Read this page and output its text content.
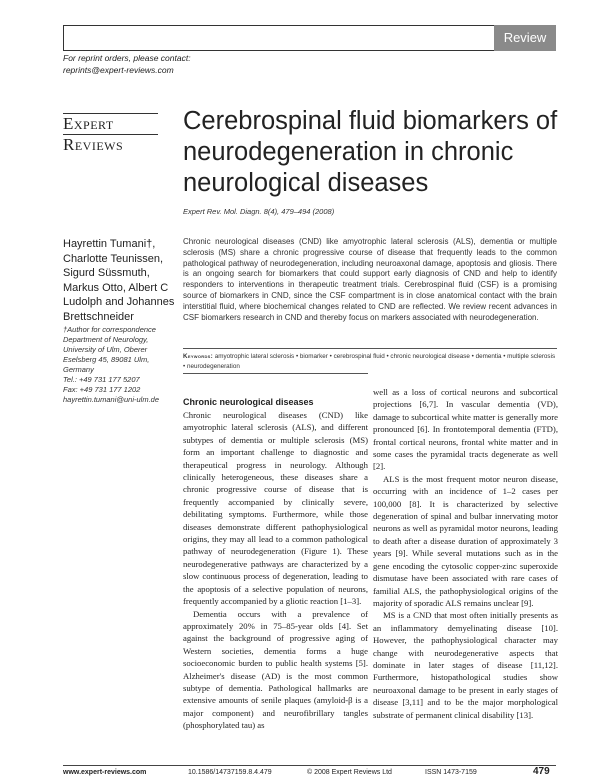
Review
For reprint orders, please contact:
reprints@expert-reviews.com
Expert
Reviews
Cerebrospinal fluid biomarkers of neurodegeneration in chronic neurological diseases
Expert Rev. Mol. Diagn. 8(4), 479–494 (2008)
Hayrettin Tumani†, Charlotte Teunissen, Sigurd Süssmuth, Markus Otto, Albert C Ludolph and Johannes Brettschneider
†Author for correspondence
Department of Neurology, University of Ulm, Oberer Eselsberg 45, 89081 Ulm, Germany
Tel.: +49 731 177 5207
Fax: +49 731 177 1202
hayrettin.tumani@uni-ulm.de
Chronic neurological diseases (CND) like amyotrophic lateral sclerosis (ALS), dementia or multiple sclerosis (MS) share a chronic progressive course of disease that frequently leads to the common pathological pathway of neurodegeneration, including neuroaxonal damage, apoptosis and gliosis. There is an ongoing search for biomarkers that could support early diagnosis of CND and help to identify responders to interventions in therapeutic treatment trials. Cerebrospinal fluid (CSF) is a promising source of biomarkers in CND, since the CSF compartment is in close anatomical contact with the brain interstitial fluid, where biochemical changes related to CND are reflected. We review recent advances in CSF biomarkers research in CND and thereby focus on markers associated with neurodegeneration.
Keywords: amyotrophic lateral sclerosis • biomarker • cerebrospinal fluid • chronic neurological disease • dementia • multiple sclerosis • neurodegeneration
Chronic neurological diseases

Chronic neurological diseases (CND) like amyotrophic lateral sclerosis (ALS), and different subtypes of dementia or multiple sclerosis (MS) form an important challenge to diagnostic and therapeutical progress in neurology. Although clinically heterogeneous, these diseases share a chronic progressive course of disease that is frequently accompanied by clinically severe, debilitating symptoms. Furthermore, while those diseases demonstrate different pathophysiological origins, they may all lead to a common pathological pathway of neurodegeneration (Figure 1). These neurodegenerative pathways are characterized by a slow continuous process of degeneration, leading to the apoptosis of a selective population of neurons, frequently accompanied by a gliotic reaction [1–3].

Dementia occurs with a prevalence of approximately 20% in 75–85-year olds [4]. Set against the background of progressive aging of Western societies, dementia forms a huge socioeconomic burden to public health systems [5]. Alzheimer's disease (AD) is the most common subtype of dementia. Pathological hallmarks are extensive amounts of senile plaques (amyloid-β is a major component) and neurofibrillary tangles (phosphorylated tau) as

well as a loss of cortical neurons and subcortical projections [6,7]. In vascular dementia (VD), damage to subcortical white matter is generally more pronounced [6]. In frontotemporal dementia (FTD), frontal cortical neurons, frontal white matter and in some cases the pyramidal tracts degenerate as well [2].

ALS is the most frequent motor neuron disease, occurring with an incidence of 1–2 cases per 100,000 [8]. It is characterized by selective degeneration of spinal and bulbar innervating motor neurons as well as pyramidal motor neurons, leading to death after a disease duration of approximately 3 years [9]. While several mutations such as in the gene encoding the cytosolic copper-zinc superoxide dismutase have been associated with rare cases of familial ALS, the pathophysiological origins of the majority of sporadic ALS remains unclear [9].

MS is a CND that most often initially presents as an inflammatory demyelinating disease [10]. However, the pathophysiological character may change with neurodegenerative aspects that dominate in later stages of disease [11,12]. Furthermore, histopathological studies show neuroaxonal damage to be present in early stages of disease [3,11] and to be the major morphological substrate of permanent clinical disability [13].

www.expert-reviews.com	10.1586/14737159.8.4.479	© 2008 Expert Reviews Ltd	ISSN 1473-7159	479
